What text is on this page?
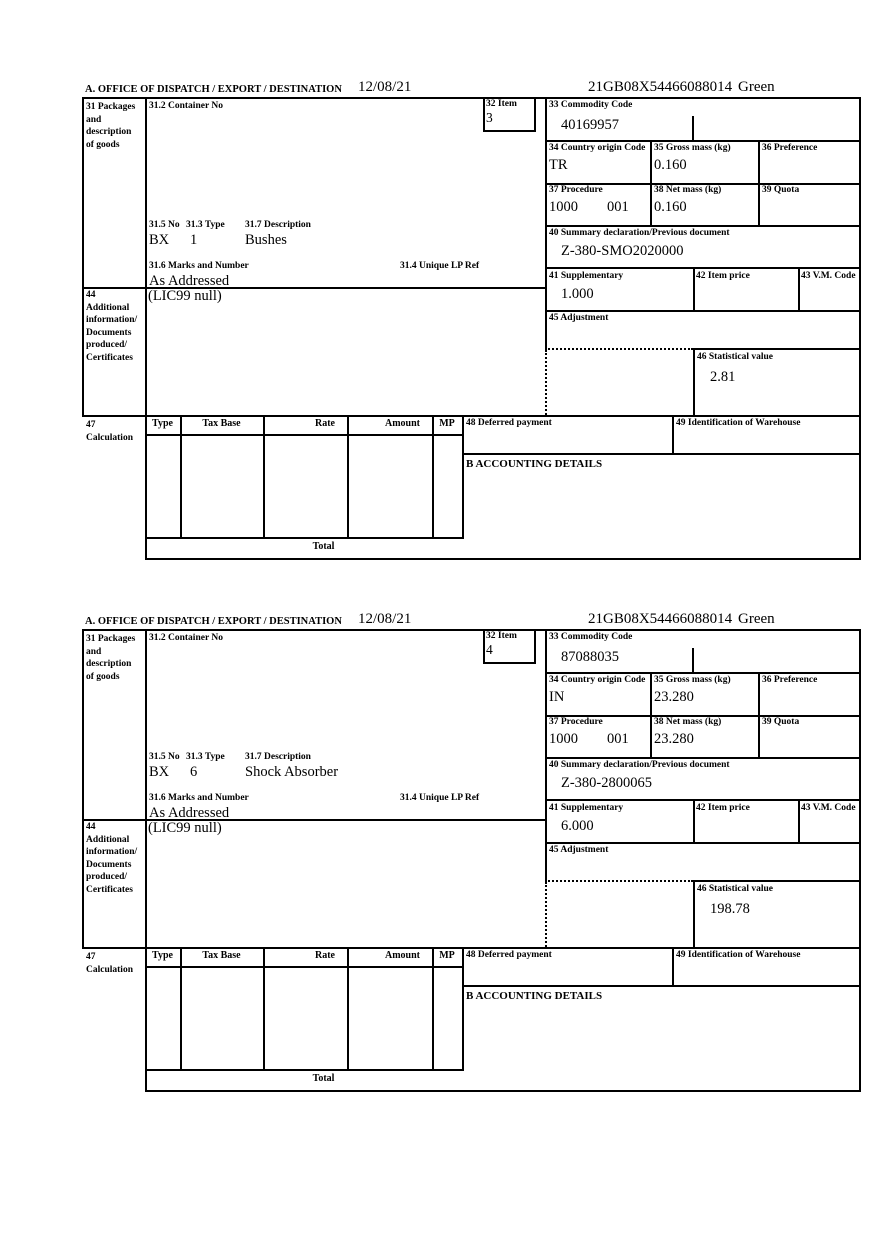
A. OFFICE OF DISPATCH / EXPORT / DESTINATION 12/08/21	21GB08X54466088014 Green
31 Packages
and
description
of goods
31.2 Container No	32 Item
3
33 Commodity Code
40169957
34 Country origin Code
TR
35 Gross mass (kg)
0.160
36 Preference
37 Procedure
1000 001
38 Net mass (kg)
0.160
39 Quota
31.5 No 31.3 Type 31.7 Description
BX 1	Bushes
31.6 Marks and Number	31.4 Unique LP Ref
As Addressed
40 Summary declaration/Previous document
Z-380-SMO2020000
41 Supplementary
1.000
42 Item price	43 V.M. Code
44
Additional
information/
Documents
produced/
Certificates
(LIC99 null)
45 Adjustment
46 Statistical value
2.81
47
Calculation
Type	Tax Base	Rate	Amount	MP	48 Deferred payment	49 Identification of Warehouse
B ACCOUNTING DETAILS
Total
A. OFFICE OF DISPATCH / EXPORT / DESTINATION 12/08/21	21GB08X54466088014 Green
31 Packages
and
description
of goods
31.2 Container No	32 Item
4
33 Commodity Code
87088035
34 Country origin Code
IN
35 Gross mass (kg)
23.280
36 Preference
37 Procedure
1000 001
38 Net mass (kg)
23.280
39 Quota
31.5 No 31.3 Type 31.7 Description
BX 6	Shock Absorber
31.6 Marks and Number	31.4 Unique LP Ref
As Addressed
40 Summary declaration/Previous document
Z-380-2800065
41 Supplementary
6.000
42 Item price	43 V.M. Code
44
Additional
information/
Documents
produced/
Certificates
(LIC99 null)
45 Adjustment
46 Statistical value
198.78
47
Calculation
Type	Tax Base	Rate	Amount	MP	48 Deferred payment	49 Identification of Warehouse
B ACCOUNTING DETAILS
Total
